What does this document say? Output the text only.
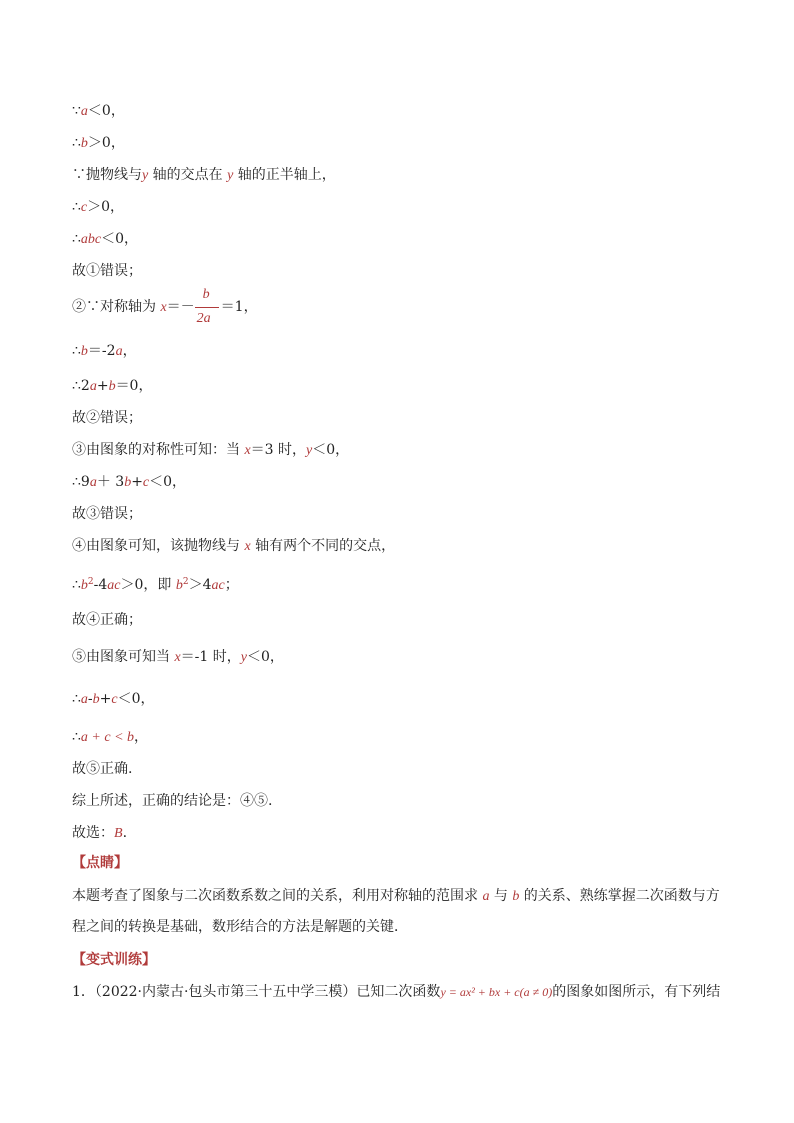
∵a＜0，
∴b＞0，
∵抛物线与y 轴的交点在 y 轴的正半轴上，
∴c＞0，
∴abc＜0，
故①错误；
②∵对称轴为 $x=- \frac{b}{2a} =1$，
∴b＝-2a，
∴2a+b＝0，
故②错误；
③由图象的对称性可知：当 x＝3 时，y＜0，
∴9a＋ 3b+c＜0，
故③错误；
④由图象可知，该抛物线与 x 轴有两个不同的交点，
$\therefore b^2-4ac>0$，即 $b^2>4ac$；
故④正确；
⑤由图象可知当 x＝-1 时，y＜0，
∴a-b+c＜0，
∴a + c < b，
故⑤正确.
综上所述，正确的结论是：④⑤.
故选：B.
【点睛】
本题考查了图象与二次函数系数之间的关系，利用对称轴的范围求 a 与 b 的关系、熟练掌握二次函数与方
程之间的转换是基础，数形结合的方法是解题的关键．
【变式训练】
1．（2022·内蒙古·包头市第三十五中学三模）已知二次函数y = ax² + bx + c(a ≠ 0)的图象如图所示，有下列结
